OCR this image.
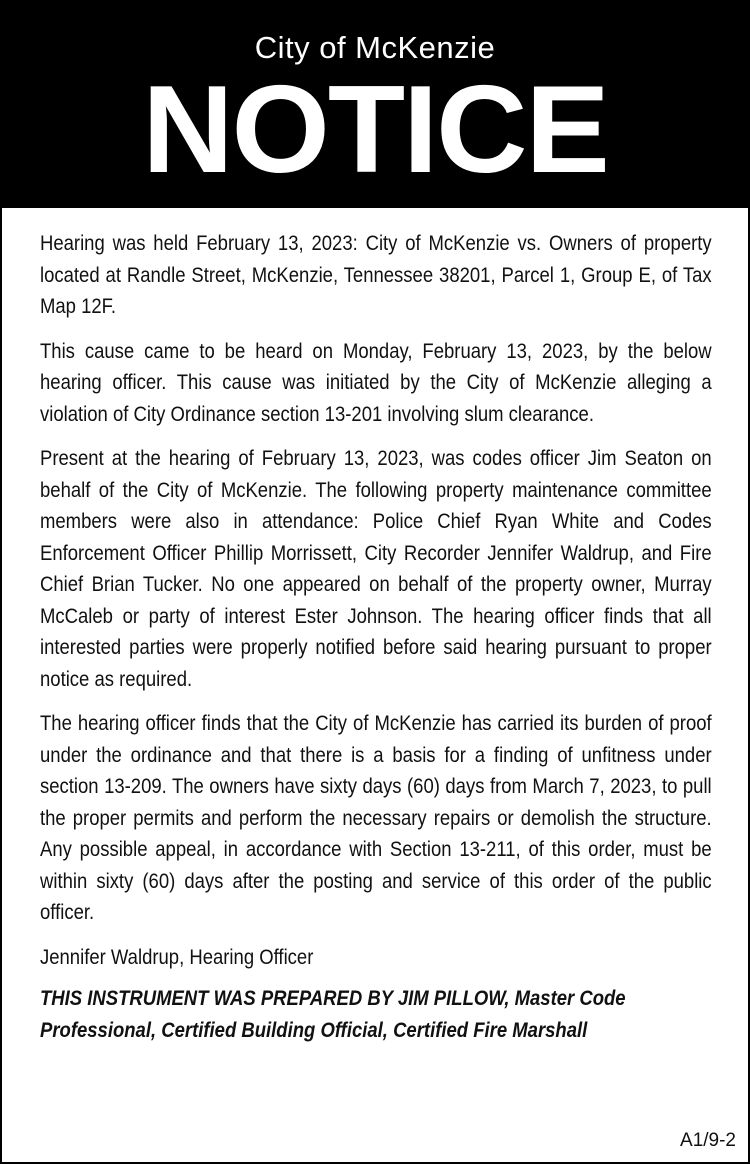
City of McKenzie
NOTICE

Hearing was held February 13, 2023: City of McKenzie vs. Owners of property located at Randle Street, McKenzie, Tennessee 38201, Parcel 1, Group E, of Tax Map 12F.

This cause came to be heard on Monday, February 13, 2023, by the below hearing officer. This cause was initiated by the City of McKenzie alleging a violation of City Ordinance section 13-201 involving slum clearance.

Present at the hearing of February 13, 2023, was codes officer Jim Seaton on behalf of the City of McKenzie. The following property maintenance committee members were also in attendance: Police Chief Ryan White and Codes Enforcement Officer Phillip Morrissett, City Recorder Jennifer Waldrup, and Fire Chief Brian Tucker. No one appeared on behalf of the property owner, Murray McCaleb or party of interest Ester Johnson. The hearing officer finds that all interested parties were properly notified before said hearing pursuant to proper notice as required.

The hearing officer finds that the City of McKenzie has carried its burden of proof under the ordinance and that there is a basis for a finding of unfitness under section 13-209. The owners have sixty days (60) days from March 7, 2023, to pull the proper permits and perform the necessary repairs or demolish the structure. Any possible appeal, in accordance with Section 13-211, of this order, must be within sixty (60) days after the posting and service of this order of the public officer.

Jennifer Waldrup, Hearing Officer

THIS INSTRUMENT WAS PREPARED BY JIM PILLOW, Master Code Professional, Certified Building Official, Certified Fire Marshall

A1/9-2
